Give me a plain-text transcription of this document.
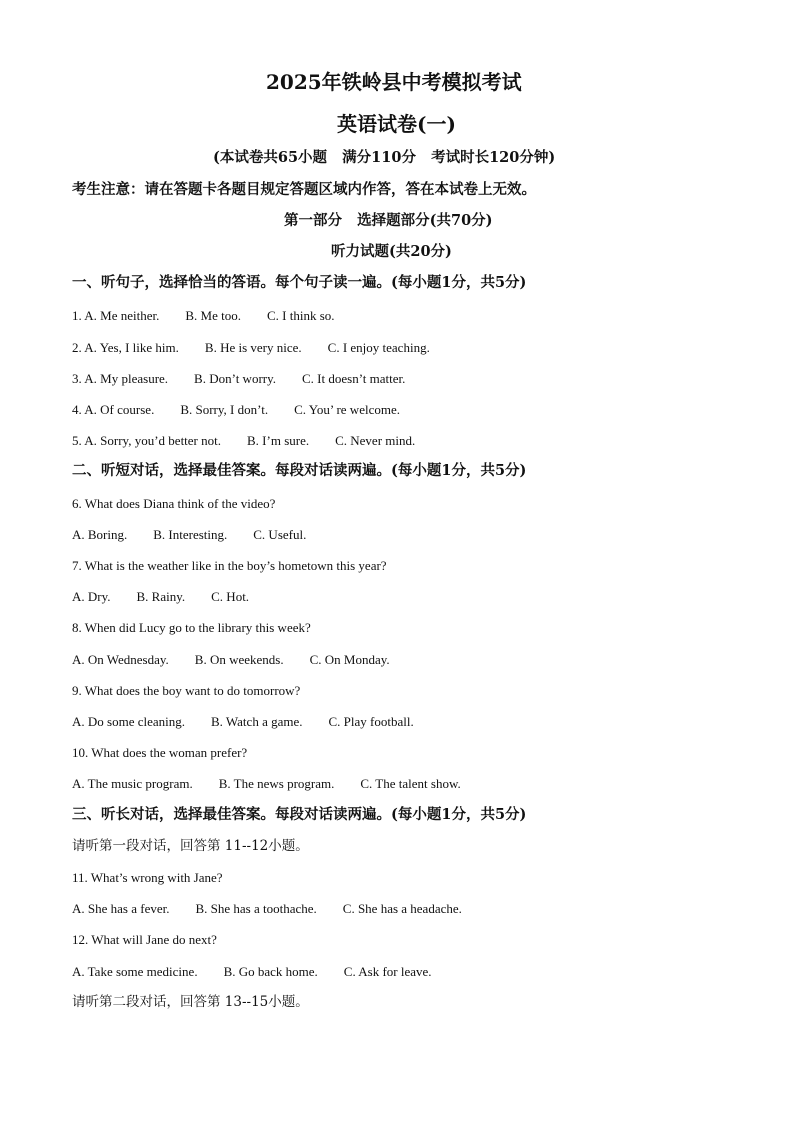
2025年铁岭县中考模拟考试
英语试卷(一)
(本试卷共65小题   满分110分   考试时长120分钟)
考生注意：请在答题卡各题目规定答题区域内作答，答在本试卷上无效。
第一部分   选择题部分(共70分)
听力试题(共20分)
一、听句子，选择恰当的答语。每个句子读一遍。(每小题1分，共5分)
1. A. Me neither.        B. Me too.        C. I think so.
2. A. Yes, I like him.        B. He is very nice.        C. I enjoy teaching.
3. A. My pleasure.        B. Don’t worry.        C. It doesn’t matter.
4. A. Of course.        B. Sorry, I don’t.        C. You’ re welcome.
5. A. Sorry, you’d better not.        B. I’m sure.        C. Never mind.
二、听短对话，选择最佳答案。每段对话读两遍。(每小题1分，共5分)
6. What does Diana think of the video?
A. Boring.        B. Interesting.        C. Useful.
7. What is the weather like in the boy’s hometown this year?
A. Dry.        B. Rainy.        C. Hot.
8. When did Lucy go to the library this week?
A. On Wednesday.        B. On weekends.        C. On Monday.
9. What does the boy want to do tomorrow?
A. Do some cleaning.        B. Watch a game.        C. Play football.
10. What does the woman prefer?
A. The music program.        B. The news program.        C. The talent show.
三、听长对话，选择最佳答案。每段对话读两遍。(每小题1分，共5分)
请听第一段对话，回答第 11--12小题。
11. What’s wrong with Jane?
A. She has a fever.        B. She has a toothache.        C. She has a headache.
12. What will Jane do next?
A. Take some medicine.        B. Go back home.        C. Ask for leave.
请听第二段对话，回答第 13--15小题。
